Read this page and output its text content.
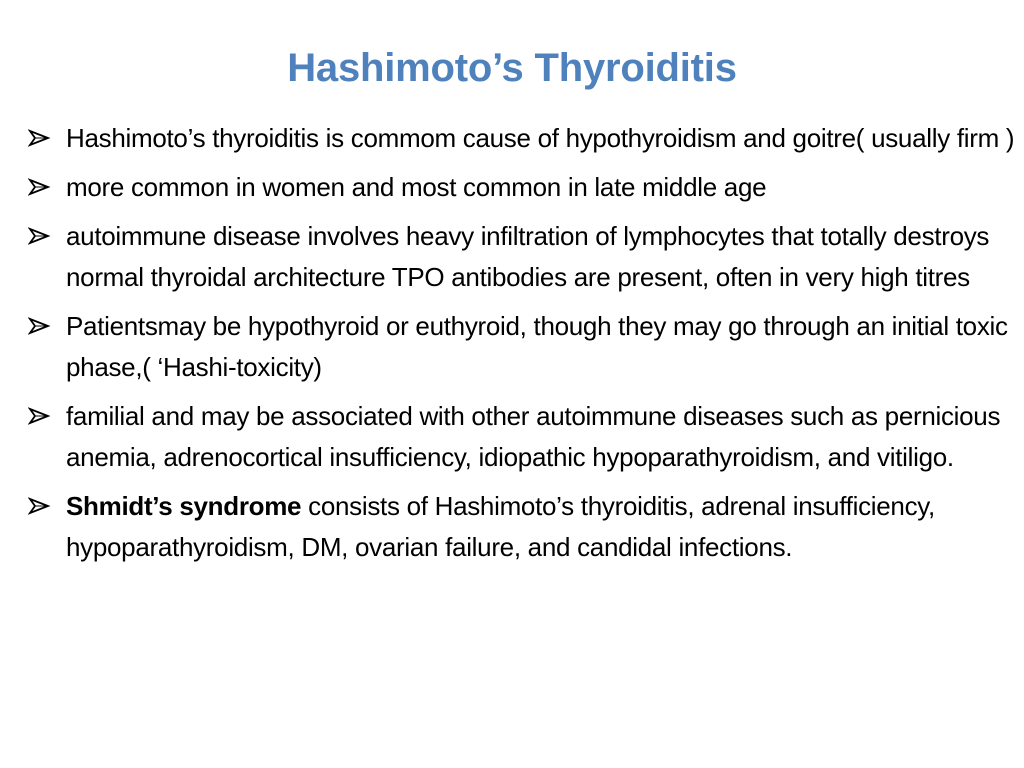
Hashimoto’s Thyroiditis
Hashimoto’s thyroiditis is commom cause of hypothyroidism and goitre( usually firm )
more common in women and most common in late middle age
autoimmune disease involves heavy infiltration of lymphocytes that totally destroys normal thyroidal architecture TPO antibodies are present, often in very high titres
Patientsmay be hypothyroid or euthyroid, though they may go through an initial toxic phase,( ‘Hashi-toxicity)
familial and may be associated with other autoimmune diseases such as pernicious anemia, adrenocortical insufficiency, idiopathic hypoparathyroidism, and vitiligo.
Shmidt’s syndrome consists of Hashimoto’s thyroiditis, adrenal insufficiency, hypoparathyroidism, DM, ovarian failure, and candidal infections.
